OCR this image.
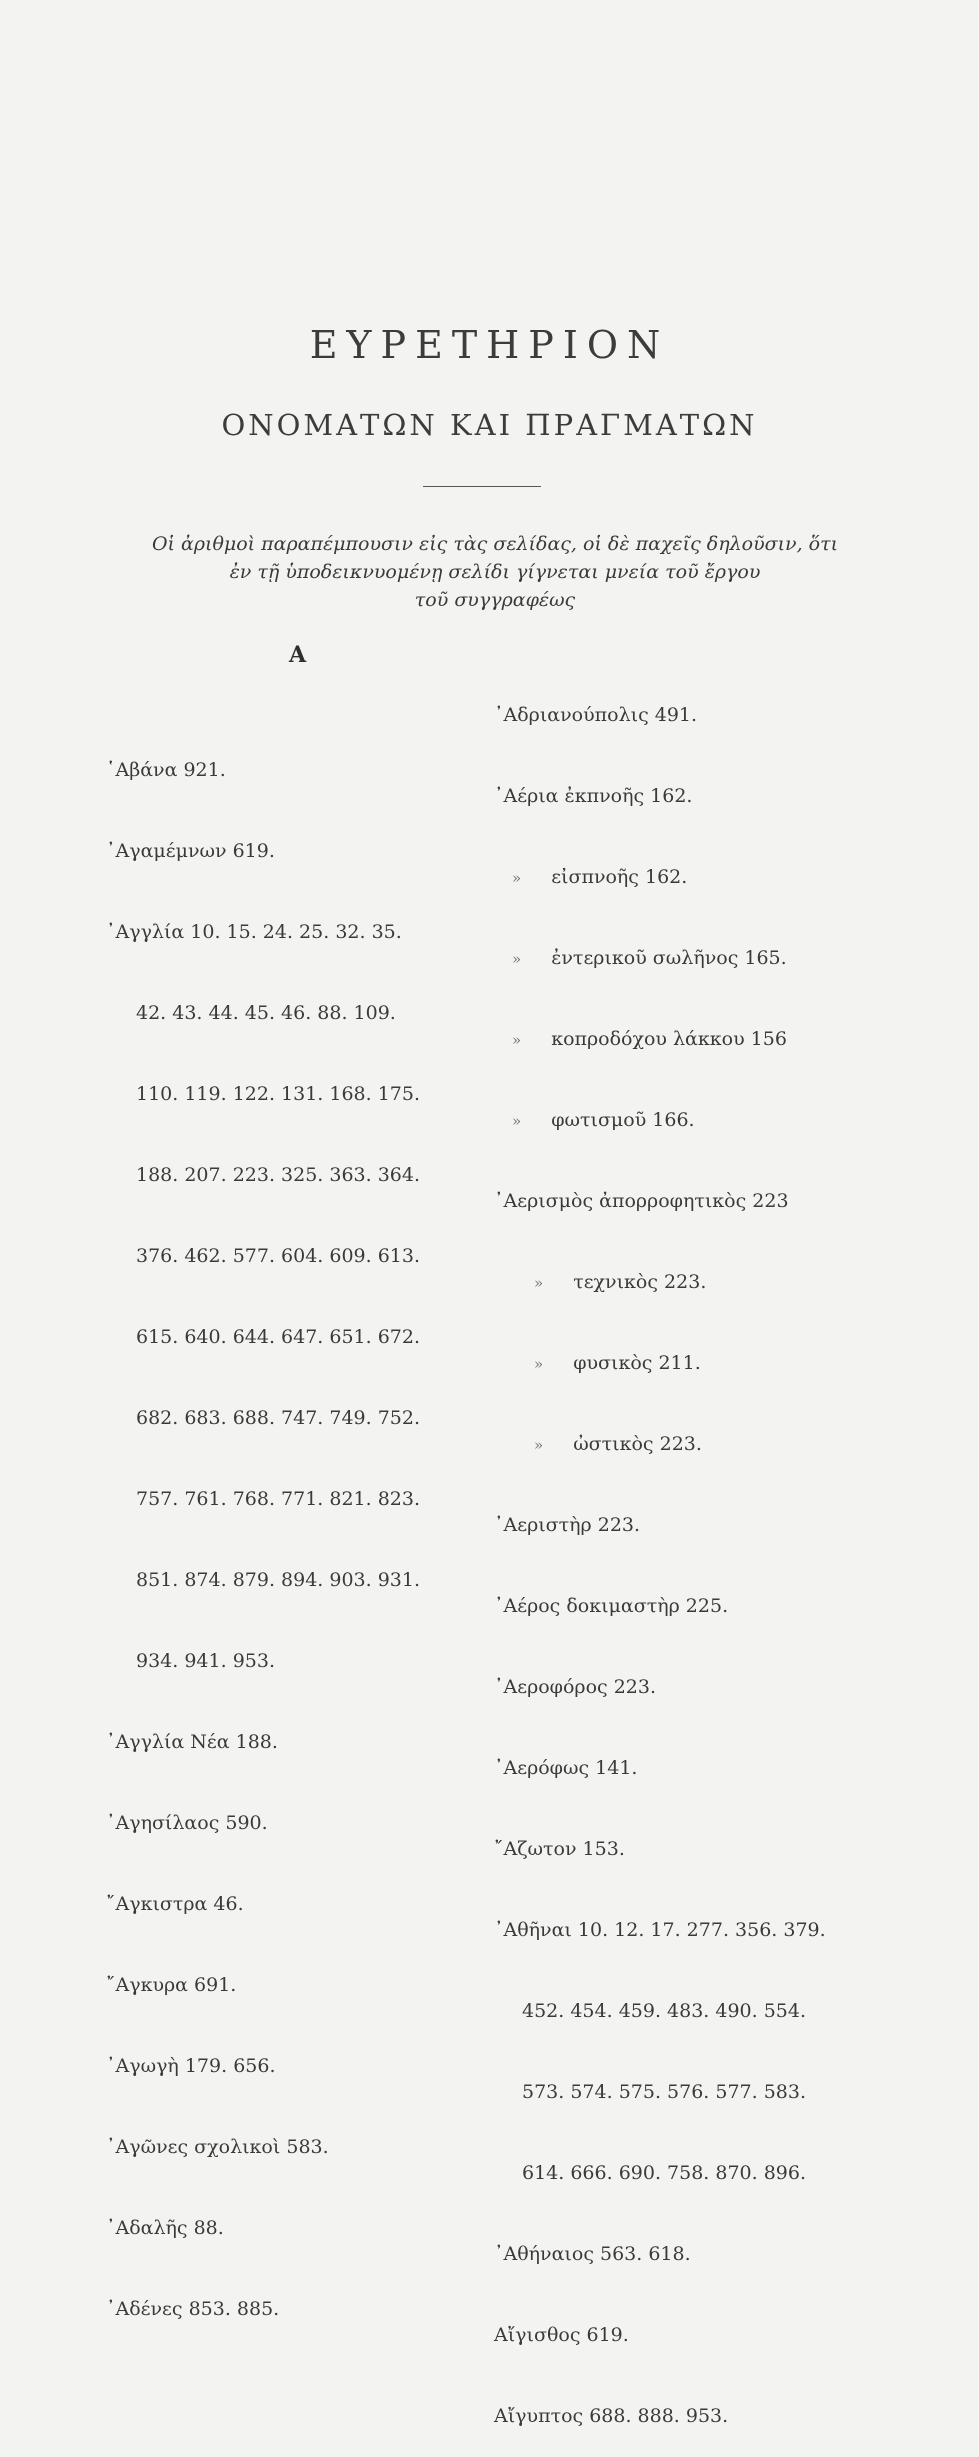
ΕΥΡΕΤΗΡΙΟΝ
ΟΝΟΜΑΤΩΝ ΚΑΙ ΠΡΑΓΜΑΤΩΝ
Οἱ ἀριθμοὶ παραπέμπουσιν εἰς τὰς σελίδας, οἱ δὲ παχεῖς δηλοῦσιν, ὅτι
ἐν τῇ ὑποδεικνυομένῃ σελίδι γίγνεται μνεία τοῦ ἔργου
τοῦ συγγραφέως
Α

῾Αβάνα 921.

᾿Αγαμέμνων 619.

᾿Αγγλία 10. 15. 24. 25. 32. 35.

42. 43. 44. 45. 46. 88. 109.

110. 119. 122. 131. 168. 175.

188. 207. 223. 325. 363. 364.

376. 462. 577. 604. 609. 613.

615. 640. 644. 647. 651. 672.

682. 683. 688. 747. 749. 752.

757. 761. 768. 771. 821. 823.

851. 874. 879. 894. 903. 931.

934. 941. 953.

᾿Αγγλία Νέα 188.

᾿Αγησίλαος 590.

῎Αγκιστρα 46.

῎Αγκυρα 691.

᾿Αγωγὴ 179. 656.

᾿Αγῶνες σχολικοὶ 583.

᾿Αδαλῆς 88.

᾿Αδένες 853. 885.

᾿Αδριανούπολις 491.

᾿Αέρια ἐκπνοῆς 162.

» εἰσπνοῆς 162.

» ἐντερικοῦ σωλῆνος 165.

» κοπροδόχου λάκκου 156

» φωτισμοῦ 166.

᾿Αερισμὸς ἀπορροφητικὸς 223

» τεχνικὸς 223.

» φυσικὸς 211.

» ὠστικὸς 223.

᾿Αεριστὴρ 223.

᾿Αέρος δοκιμαστὴρ 225.

᾿Αεροφόρος 223.

᾿Αερόφως 141.

῎Αζωτον 153.

᾿Αθῆναι 10. 12. 17. 277. 356. 379.

452. 454. 459. 483. 490. 554.

573. 574. 575. 576. 577. 583.

614. 666. 690. 758. 870. 896.

᾿Αθήναιος 563. 618.

Αἴγισθος 619.

Αἴγυπτος 688. 888. 953.
